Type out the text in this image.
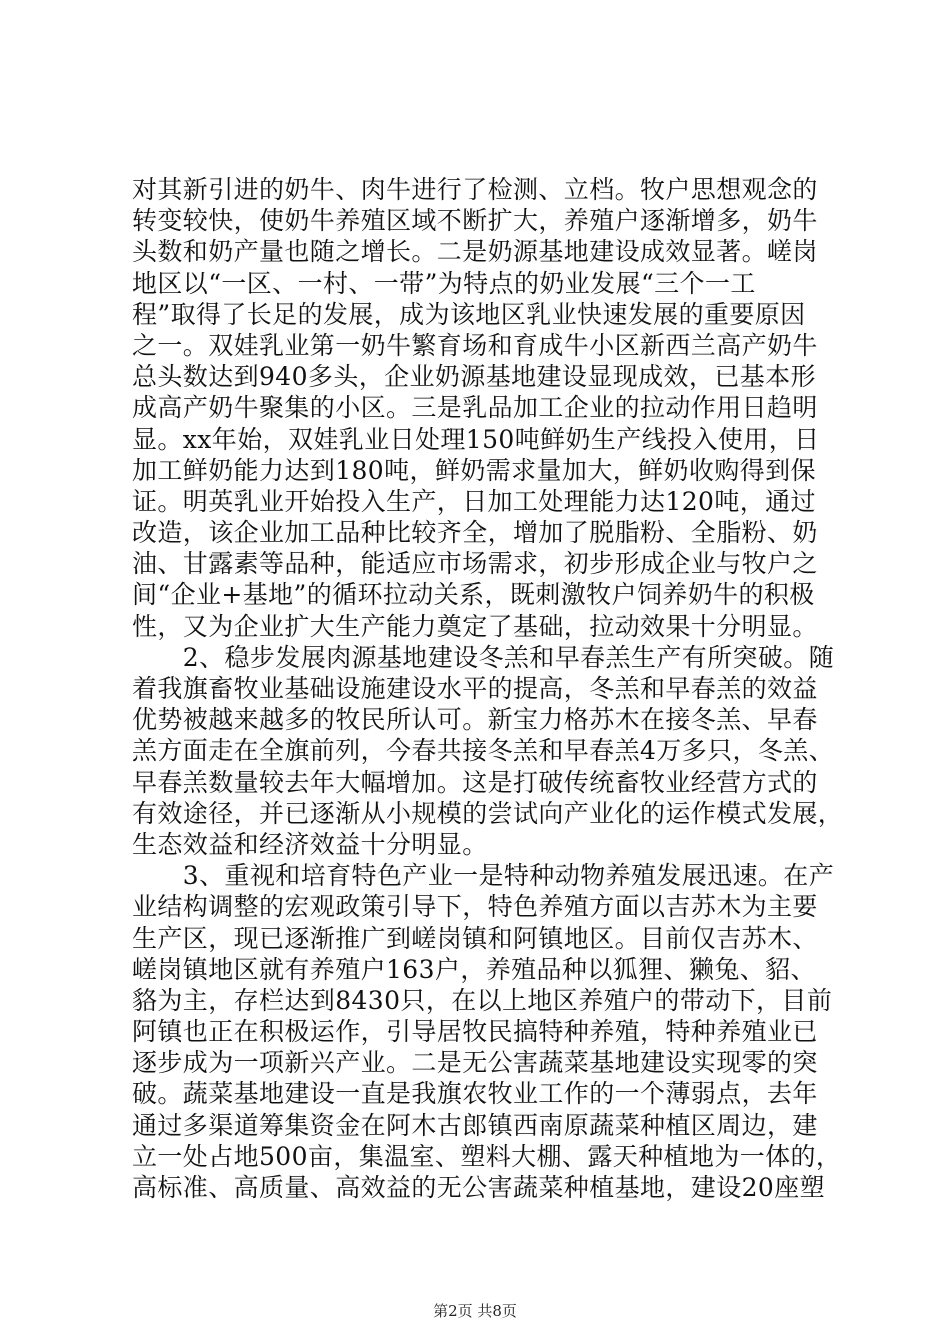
对其新引进的奶牛、肉牛进行了检测、立档。牧户思想观念的
转变较快，使奶牛养殖区域不断扩大，养殖户逐渐增多，奶牛
头数和奶产量也随之增长。二是奶源基地建设成效显著。嵯岗
地区以“一区、一村、一带”为特点的奶业发展“三个一工
程”取得了长足的发展，成为该地区乳业快速发展的重要原因
之一。双娃乳业第一奶牛繁育场和育成牛小区新西兰高产奶牛
总头数达到940多头，企业奶源基地建设显现成效，已基本形
成高产奶牛聚集的小区。三是乳品加工企业的拉动作用日趋明
显。xx年始，双娃乳业日处理150吨鲜奶生产线投入使用，日
加工鲜奶能力达到180吨，鲜奶需求量加大，鲜奶收购得到保
证。明英乳业开始投入生产，日加工处理能力达120吨，通过
改造，该企业加工品种比较齐全，增加了脱脂粉、全脂粉、奶
油、甘露素等品种，能适应市场需求，初步形成企业与牧户之
间“企业+基地”的循环拉动关系，既刺激牧户饲养奶牛的积极
性，又为企业扩大生产能力奠定了基础，拉动效果十分明显。
　　2、稳步发展肉源基地建设冬羔和早春羔生产有所突破。随
着我旗畜牧业基础设施建设水平的提高，冬羔和早春羔的效益
优势被越来越多的牧民所认可。新宝力格苏木在接冬羔、早春
羔方面走在全旗前列，今春共接冬羔和早春羔4万多只，冬羔、
早春羔数量较去年大幅增加。这是打破传统畜牧业经营方式的
有效途径，并已逐渐从小规模的尝试向产业化的运作模式发展，
生态效益和经济效益十分明显。
　　3、重视和培育特色产业一是特种动物养殖发展迅速。在产
业结构调整的宏观政策引导下，特色养殖方面以吉苏木为主要
生产区，现已逐渐推广到嵯岗镇和阿镇地区。目前仅吉苏木、
嵯岗镇地区就有养殖户163户，养殖品种以狐狸、獭兔、貂、
貉为主，存栏达到8430只，在以上地区养殖户的带动下，目前
阿镇也正在积极运作，引导居牧民搞特种养殖，特种养殖业已
逐步成为一项新兴产业。二是无公害蔬菜基地建设实现零的突
破。蔬菜基地建设一直是我旗农牧业工作的一个薄弱点，去年
通过多渠道筹集资金在阿木古郎镇西南原蔬菜种植区周边，建
立一处占地500亩，集温室、塑料大棚、露天种植地为一体的，
高标准、高质量、高效益的无公害蔬菜种植基地，建设20座塑
第2页 共8页
